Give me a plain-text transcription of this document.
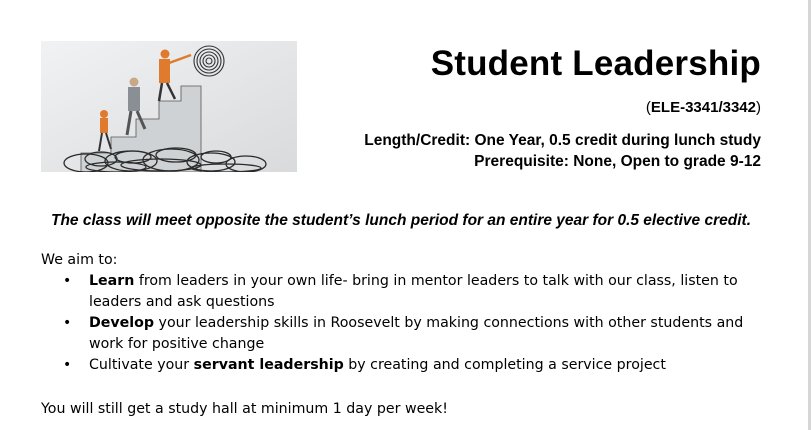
Student Leadership
(ELE-3341/3342)
Length/Credit: One Year, 0.5 credit during lunch study
Prerequisite: None, Open to grade 9-12
The class will meet opposite the student’s lunch period for an entire year for 0.5 elective credit.
We aim to:
• Learn from leaders in your own life- bring in mentor leaders to talk with our class, listen to leaders and ask questions
• Develop your leadership skills in Roosevelt by making connections with other students and work for positive change
• Cultivate your servant leadership by creating and completing a service project
You will still get a study hall at minimum 1 day per week!
